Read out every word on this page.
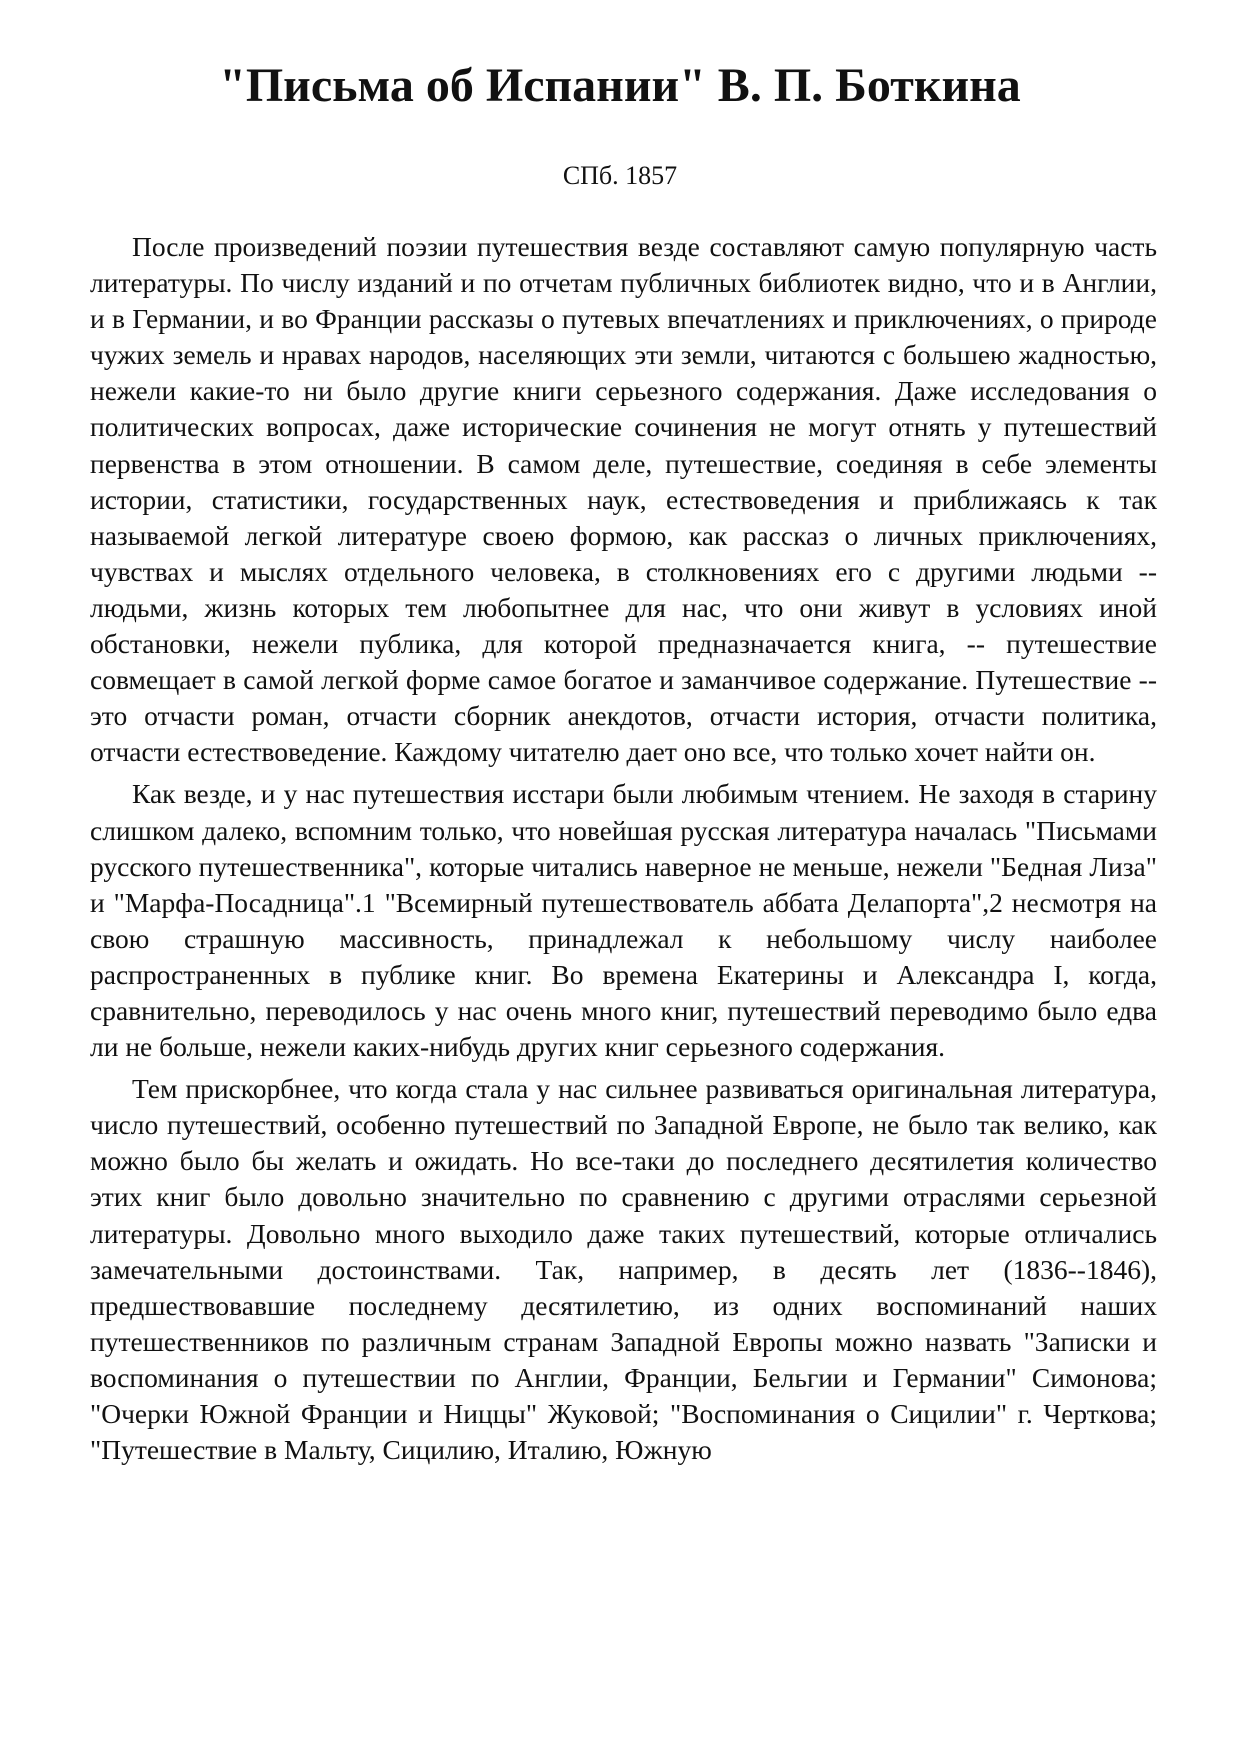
"Письма об Испании" В. П. Боткина
СПб. 1857

После произведений поэзии путешествия везде составляют самую популярную часть литературы. По числу изданий и по отчетам публичных библиотек видно, что и в Англии, и в Германии, и во Франции рассказы о путевых впечатлениях и приключениях, о природе чужих земель и нравах народов, населяющих эти земли, читаются с большею жадностью, нежели какие-то ни было другие книги серьезного содержания. Даже исследования о политических вопросах, даже исторические сочинения не могут отнять у путешествий первенства в этом отношении. В самом деле, путешествие, соединяя в себе элементы истории, статистики, государственных наук, естествоведения и приближаясь к так называемой легкой литературе своею формою, как рассказ о личных приключениях, чувствах и мыслях отдельного человека, в столкновениях его с другими людьми -- людьми, жизнь которых тем любопытнее для нас, что они живут в условиях иной обстановки, нежели публика, для которой предназначается книга, -- путешествие совмещает в самой легкой форме самое богатое и заманчивое содержание. Путешествие -- это отчасти роман, отчасти сборник анекдотов, отчасти история, отчасти политика, отчасти естествоведение. Каждому читателю дает оно все, что только хочет найти он.

Как везде, и у нас путешествия исстари были любимым чтением. Не заходя в старину слишком далеко, вспомним только, что новейшая русская литература началась "Письмами русского путешественника", которые читались наверное не меньше, нежели "Бедная Лиза" и "Марфа-Посадница".1 "Всемирный путешествователь аббата Делапорта",2 несмотря на свою страшную массивность, принадлежал к небольшому числу наиболее распространенных в публике книг. Во времена Екатерины и Александра I, когда, сравнительно, переводилось у нас очень много книг, путешествий переводимо было едва ли не больше, нежели каких-нибудь других книг серьезного содержания.

Тем прискорбнее, что когда стала у нас сильнее развиваться оригинальная литература, число путешествий, особенно путешествий по Западной Европе, не было так велико, как можно было бы желать и ожидать. Но все-таки до последнего десятилетия количество этих книг было довольно значительно по сравнению с другими отраслями серьезной литературы. Довольно много выходило даже таких путешествий, которые отличались замечательными достоинствами. Так, например, в десять лет (1836--1846), предшествовавшие последнему десятилетию, из одних воспоминаний наших путешественников по различным странам Западной Европы можно назвать "Записки и воспоминания о путешествии по Англии, Франции, Бельгии и Германии" Симонова; "Очерки Южной Франции и Ниццы" Жуковой; "Воспоминания о Сицилии" г. Черткова; "Путешествие в Мальту, Сицилию, Италию, Южную
